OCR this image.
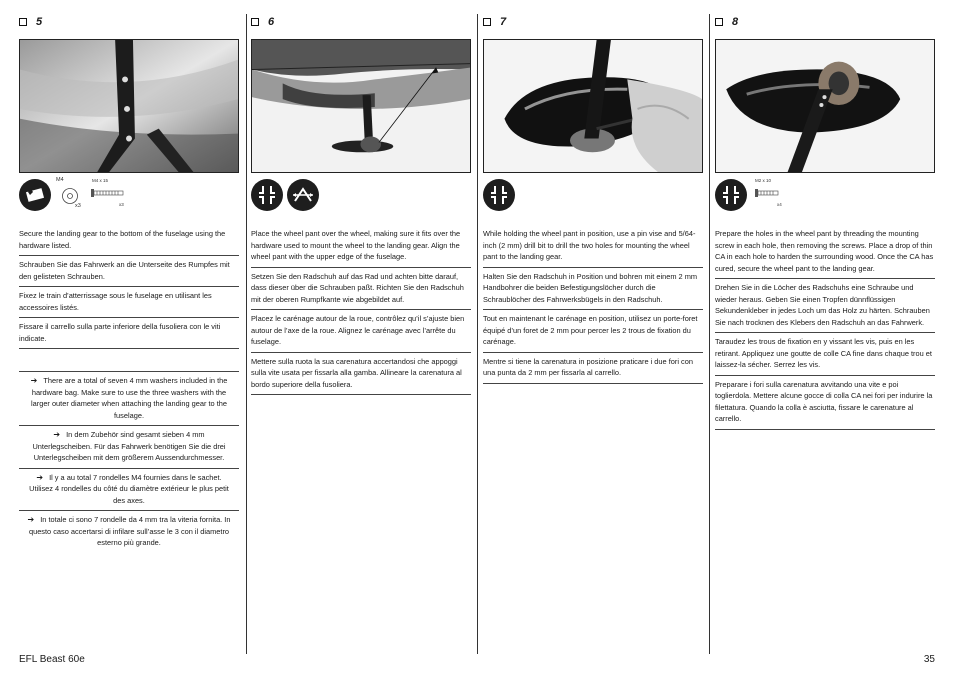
5
M4
x3
M4 x 15
x3
Secure the landing gear to the bottom of the fuselage using the hardware listed.
Schrauben Sie das Fahrwerk an die Unterseite des Rumpfes mit den gelisteten Schrauben.
Fixez le train d’atterrissage sous le fuselage en utilisant les accessoires listés.
Fissare il carrello sulla parte inferiore della fusoliera con le viti indicate.
➔ There are a total of seven 4 mm washers included in the hardware bag. Make sure to use the three washers with the larger outer diameter when attaching the landing gear to the fuselage.
➔ In dem Zubehör sind gesamt sieben 4 mm Unterlegscheiben. Für das Fahrwerk benötigen Sie die drei Unterlegscheiben mit dem größerem Aussendurchmesser.
➔ Il y a au total 7 rondelles M4 fournies dans le sachet. Utilisez 4 rondelles du côté du diamètre extérieur le plus petit des axes.
➔ In totale ci sono 7 rondelle da 4 mm tra la viteria fornita. In questo caso accertarsi di infilare sull’asse le 3 con il diametro esterno più grande.
6
Place the wheel pant over the wheel, making sure it fits over the hardware used to mount the wheel to the landing gear. Align the wheel pant with the upper edge of the fuselage.
Setzen Sie den Radschuh auf das Rad und achten bitte darauf, dass dieser über die Schrauben paßt. Richten Sie den Radschuh mit der oberen Rumpfkante wie abgebildet auf.
Placez le carénage autour de la roue, contrôlez qu’il s’ajuste bien autour de l’axe de la roue. Alignez le carénage avec l’arrête du fuselage.
Mettere sulla ruota la sua carenatura accertandosi che appoggi sulla vite usata per fissarla alla gamba. Allineare la carenatura al bordo superiore della fusoliera.
7
While holding the wheel pant in position, use a pin vise and 5/64-inch (2 mm) drill bit to drill the two holes for mounting the wheel pant to the landing gear.
Halten Sie den Radschuh in Position und bohren mit einem 2 mm Handbohrer die beiden Befestigungslöcher durch die Schraublöcher des Fahrwerksbügels in den Radschuh.
Tout en maintenant le carénage en position, utilisez un porte-foret équipé d’un foret de 2 mm pour percer les 2 trous de fixation du carénage.
Mentre si tiene la carenatura in posizione praticare i due fori con una punta da 2 mm per fissarla al carrello.
8
M2 x 10
x4
Prepare the holes in the wheel pant by threading the mounting screw in each hole, then removing the screws. Place a drop of thin CA in each hole to harden the surrounding wood. Once the CA has cured, secure the wheel pant to the landing gear.
Drehen Sie in die Löcher des Radschuhs eine Schraube und wieder heraus. Geben Sie einen Tropfen dünnflüssigen Sekundenkleber in jedes Loch um das Holz zu härten. Schrauben Sie nach trocknen des Klebers den Radschuh an das Fahrwerk.
Taraudez les trous de fixation en y vissant les vis, puis en les retirant. Appliquez une goutte de colle CA fine dans chaque trou et laissez-la sécher. Serrez les vis.
Preparare i fori sulla carenatura avvitando una vite e poi toglierdola. Mettere alcune gocce di colla CA nei fori per indurire la filettatura. Quando la colla è asciutta, fissare le carenature al carrello.
EFL Beast 60e	35
